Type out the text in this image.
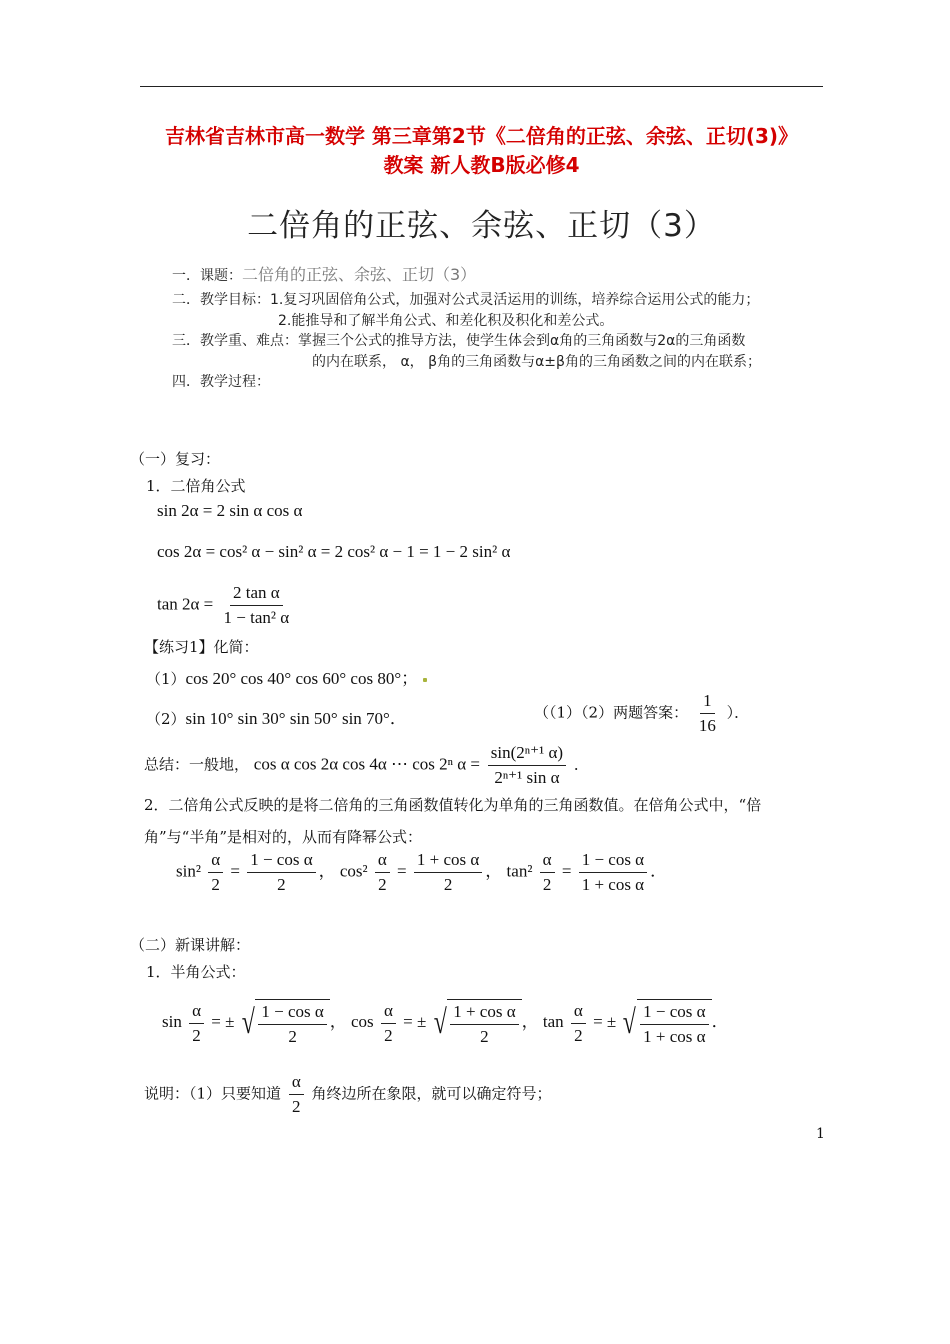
吉林省吉林市高一数学 第三章第2节《二倍角的正弦、余弦、正切(3)》
教案 新人教B版必修4
二倍角的正弦、余弦、正切（3）
一．课题：二倍角的正弦、余弦、正切（3）
二．教学目标：1.复习巩固倍角公式，加强对公式灵活运用的训练，培养综合运用公式的能力；
2.能推导和了解半角公式、和差化积及积化和差公式。
三．教学重、难点：掌握三个公式的推导方法，使学生体会到α角的三角函数与2α的三角函数
的内在联系， α， β角的三角函数与α±β角的三角函数之间的内在联系；
四．教学过程：
（一）复习：
1．二倍角公式
sin 2α = 2 sin α cos α
cos 2α = cos² α − sin² α = 2 cos² α − 1 = 1 − 2 sin² α
$\tan 2\alpha = \frac{\text{2 tan α}}{\text{1 − tan² α}}$
【练习1】化简：
（1）cos 20° cos 40° cos 60° cos 80°；
（2）sin 10° sin 30° sin 50° sin 70°．	（（1）（2）两题答案： $\frac{1}{16}$ ）．
总结：一般地， cos α cos 2α cos 4α ⋯ cos 2ⁿ $\alpha = \frac{\text{sin(2ⁿ⁺¹ α)}}{\text{2ⁿ⁺¹ sin α}}$ ．
2．二倍角公式反映的是将二倍角的三角函数值转化为单角的三角函数值。在倍角公式中，“倍
角”与“半角”是相对的，从而有降幂公式：
$\sin^2 \frac{\alpha}{2} = \frac{\text{1 − cos α}}{2}$ ， $\cos^2 \frac{\alpha}{2} = \frac{\text{1 + cos α}}{2}$ ， $\tan^2 \frac{\alpha}{2} = \frac{\text{1 − cos α}}{\text{1 + cos α}}$ ．
（二）新课讲解：
1．半角公式：
$\sin \frac{\alpha}{2}$ = ± √ $\frac{\text{1 − cos α}}{2}$ ， $\cos \frac{\alpha}{2}$ = ± √ $\frac{\text{1 + cos α}}{2}$ ， $\tan \frac{\alpha}{2}$ = ± √ $\frac{\text{1 − cos α}}{\text{1 + cos α}}$ ．
说明：（1）只要知道 $\frac{\alpha}{2}$ 角终边所在象限，就可以确定符号；
1
